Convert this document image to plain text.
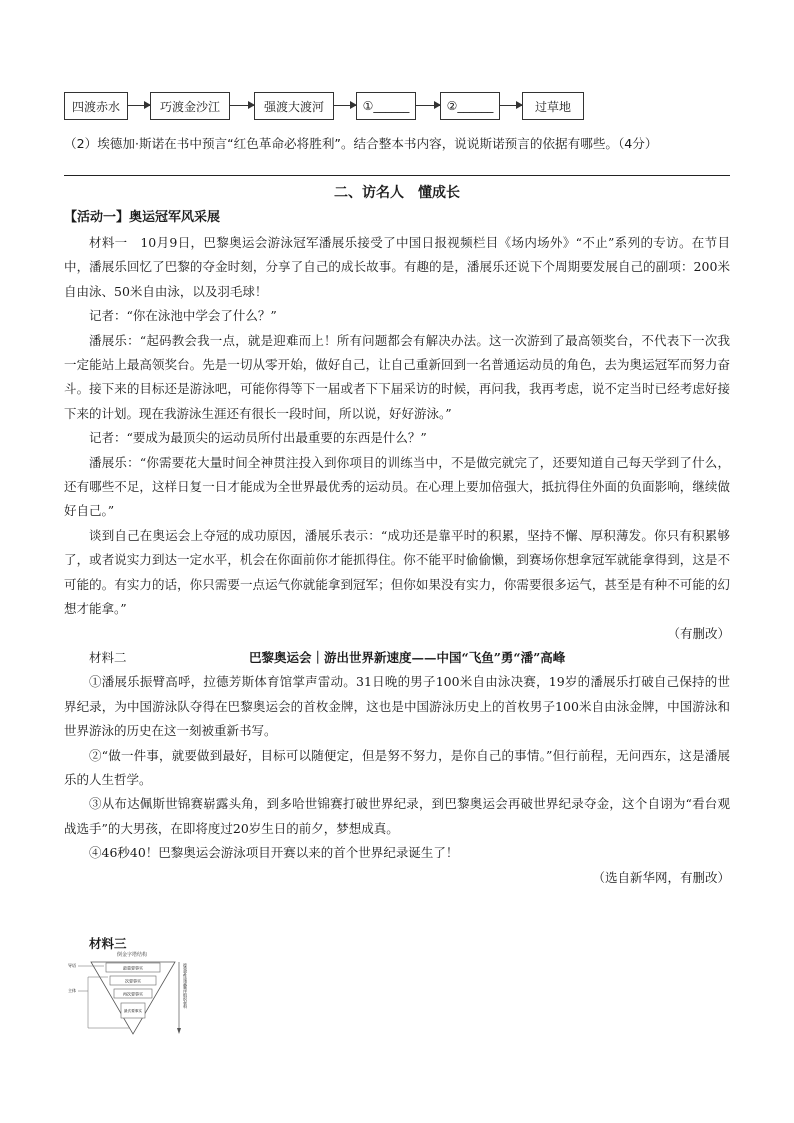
四渡赤水	巧渡金沙江	强渡大渡河	①______	②______	过草地
（2）埃德加·斯诺在书中预言“红色革命必将胜利”。结合整本书内容，说说斯诺预言的依据有哪些。（4分）
二、访名人　懂成长
【活动一】奥运冠军风采展

材料一　10月9日，巴黎奥运会游泳冠军潘展乐接受了中国日报视频栏目《场内场外》“不止”系列的专访。在节目中，潘展乐回忆了巴黎的夺金时刻，分享了自己的成长故事。有趣的是，潘展乐还说下个周期要发展自己的副项：200米自由泳、50米自由泳，以及羽毛球！

记者：“你在泳池中学会了什么？”

潘展乐：“起码教会我一点，就是迎难而上！所有问题都会有解决办法。这一次游到了最高领奖台，不代表下一次我一定能站上最高领奖台。先是一切从零开始，做好自己，让自己重新回到一名普通运动员的角色，去为奥运冠军而努力奋斗。接下来的目标还是游泳吧，可能你得等下一届或者下下届采访的时候，再问我，我再考虑，说不定当时已经考虑好接下来的计划。现在我游泳生涯还有很长一段时间，所以说，好好游泳。”

记者：“要成为最顶尖的运动员所付出最重要的东西是什么？”

潘展乐：“你需要花大量时间全神贯注投入到你项目的训练当中，不是做完就完了，还要知道自己每天学到了什么，还有哪些不足，这样日复一日才能成为全世界最优秀的运动员。在心理上要加倍强大，抵抗得住外面的负面影响，继续做好自己。”

谈到自己在奥运会上夺冠的成功原因，潘展乐表示：“成功还是靠平时的积累，坚持不懈、厚积薄发。你只有积累够了，或者说实力到达一定水平，机会在你面前你才能抓得住。你不能平时偷偷懒，到赛场你想拿冠军就能拿得到，这是不可能的。有实力的话，你只需要一点运气你就能拿到冠军；但你如果没有实力，你需要很多运气，甚至是有种不可能的幻想才能拿。”

（有删改）

材料二	巴黎奥运会｜游出世界新速度——中国“飞鱼”勇“潘”高峰

①潘展乐振臂高呼，拉德芳斯体育馆掌声雷动。31日晚的男子100米自由泳决赛，19岁的潘展乐打破自己保持的世界纪录，为中国游泳队夺得在巴黎奥运会的首枚金牌，这也是中国游泳历史上的首枚男子100米自由泳金牌，中国游泳和世界游泳的历史在这一刻被重新书写。

②“做一件事，就要做到最好，目标可以随便定，但是努不努力，是你自己的事情。”但行前程，无问西东，这是潘展乐的人生哲学。

③从布达佩斯世锦赛崭露头角，到多哈世锦赛打破世界纪录，到巴黎奥运会再破世界纪录夺金，这个自诩为“看台观战选手”的大男孩，在即将度过20岁生日的前夕，梦想成真。

④46秒40！巴黎奥运会游泳项目开赛以来的首个世界纪录诞生了！

（选自新华网，有删改）

材料三
倒金字塔结构
最重要事实
次要事实
再次要事实
最次要事实
导语
主体	按重要性递减顺序组织材料
